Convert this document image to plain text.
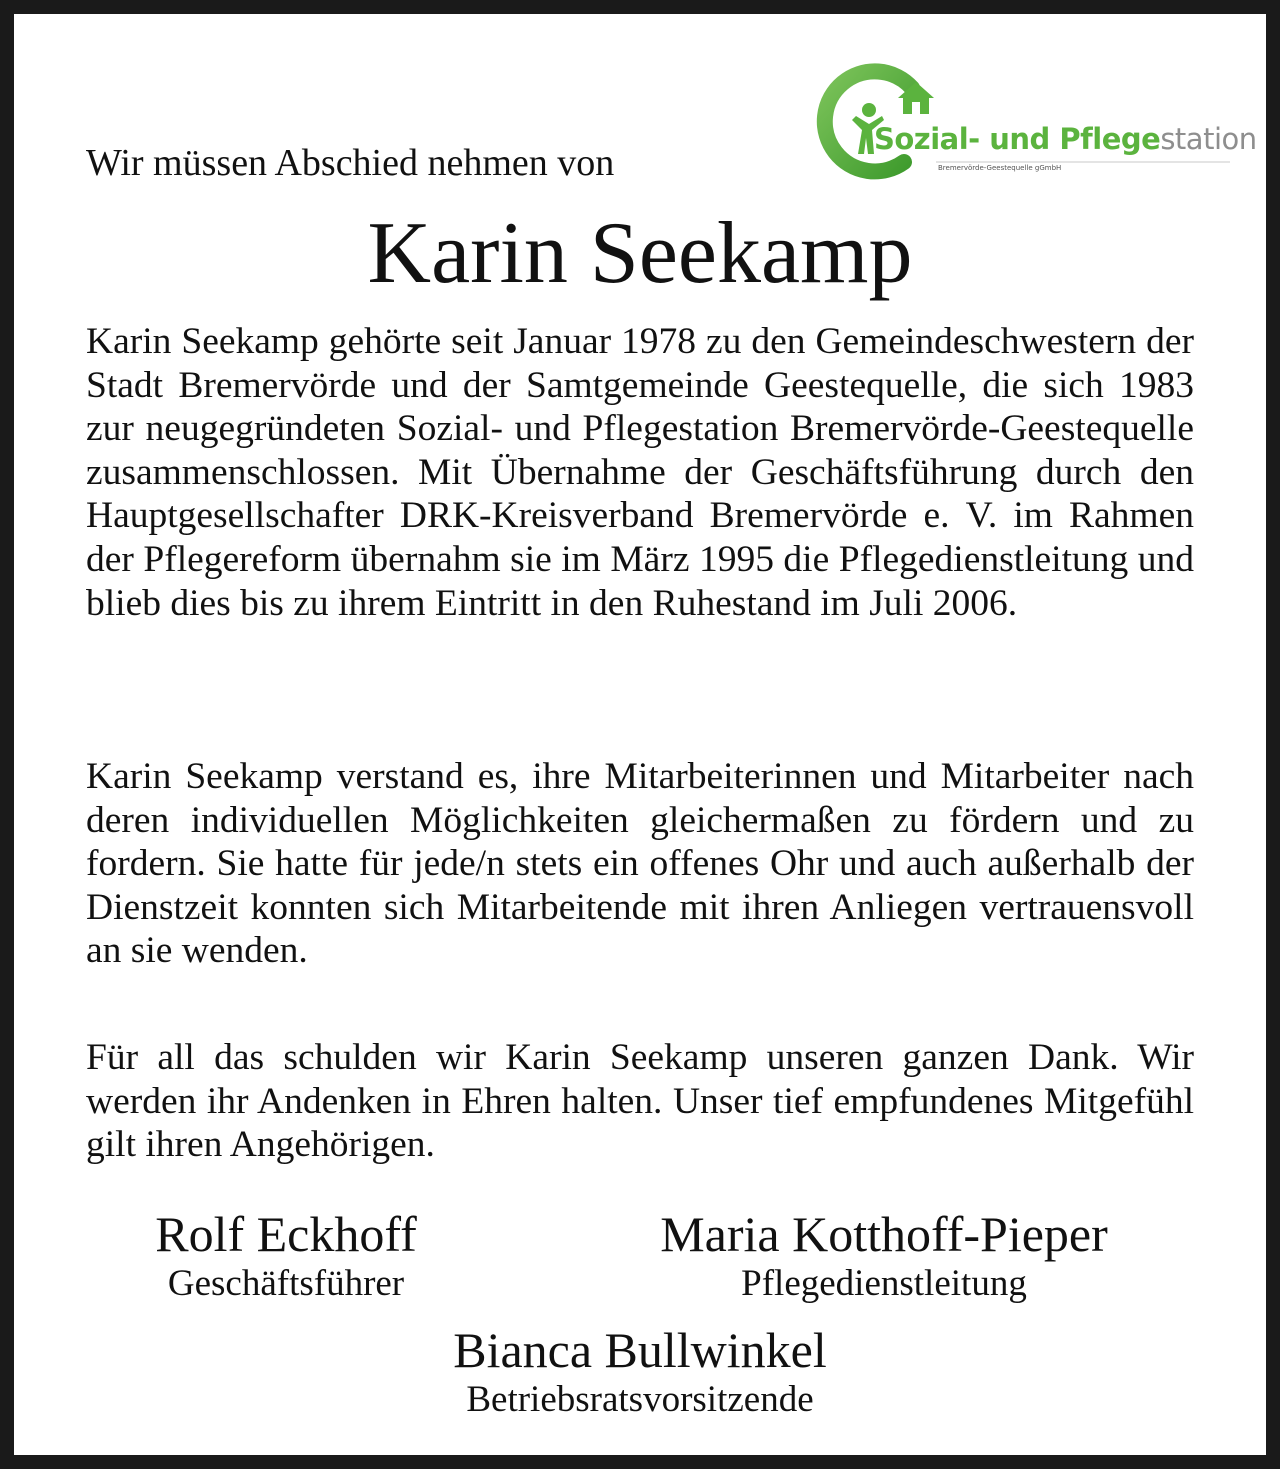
Sozial- und Pflegestation
Bremervörde-Geestequelle gGmbH
Wir müssen Abschied nehmen von
Karin Seekamp

Karin Seekamp gehörte seit Januar 1978 zu den Gemeindeschwestern der Stadt Bremervörde und der Samtgemeinde Geestequelle, die sich 1983 zur neugegründeten Sozial- und Pflegestation Bremervörde-Geestequelle zusammenschlossen. Mit Übernahme der Geschäftsführung durch den Hauptgesellschafter DRK-Kreisverband Bremervörde e. V. im Rahmen der Pflegereform übernahm sie im März 1995 die Pflegedienstleitung und blieb dies bis zu ihrem Eintritt in den Ruhestand im Juli 2006.

Karin Seekamp verstand es, ihre Mitarbeiterinnen und Mitarbeiter nach deren individuellen Möglichkeiten gleichermaßen zu fördern und zu fordern. Sie hatte für jede/n stets ein offenes Ohr und auch außerhalb der Dienstzeit konnten sich Mitarbeitende mit ihren Anliegen vertrauensvoll an sie wenden.

Für all das schulden wir Karin Seekamp unseren ganzen Dank. Wir werden ihr Andenken in Ehren halten. Unser tief empfundenes Mitgefühl gilt ihren Angehörigen.

Rolf Eckhoff
Geschäftsführer
Maria Kotthoff-Pieper
Pflegedienstleitung
Bianca Bullwinkel
Betriebsratsvorsitzende
